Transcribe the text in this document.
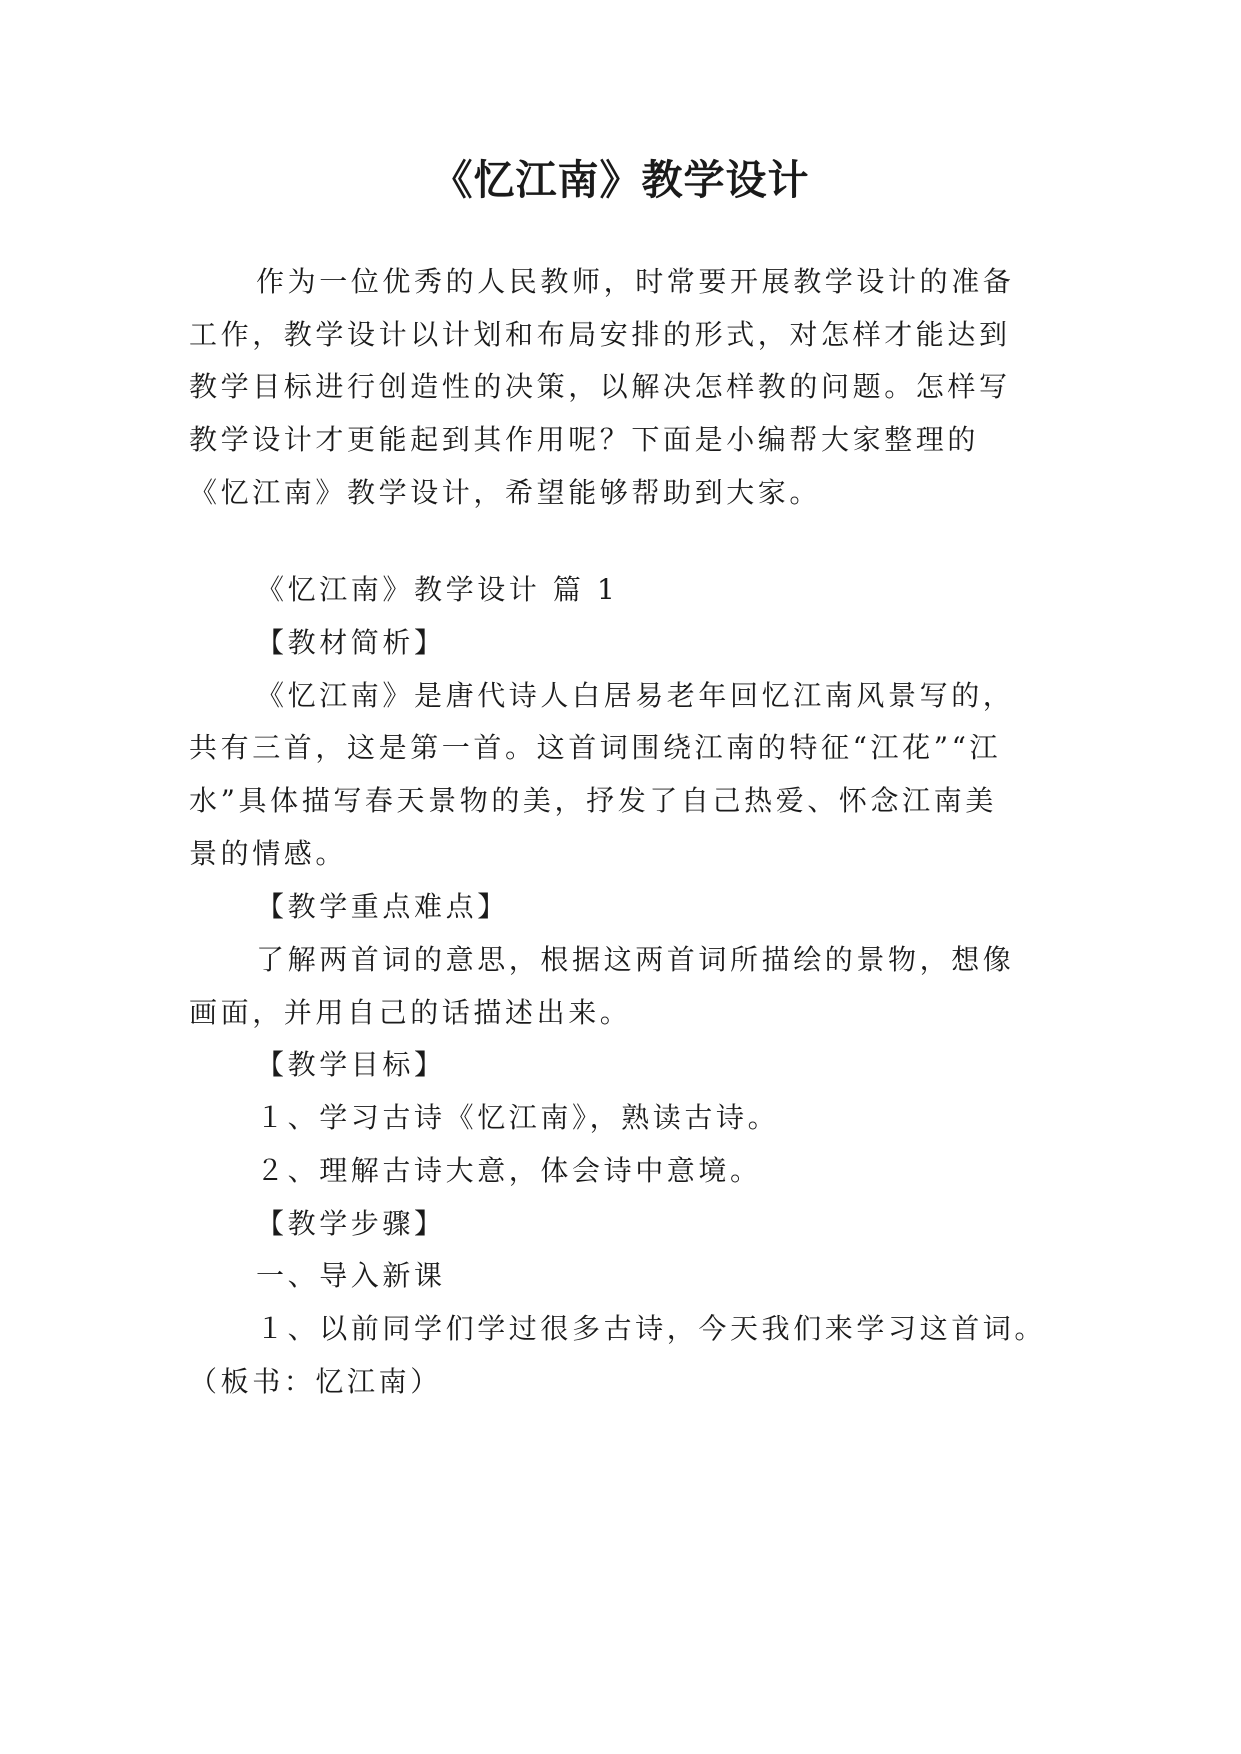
《忆江南》教学设计
作为一位优秀的人民教师，时常要开展教学设计的准备
工作，教学设计以计划和布局安排的形式，对怎样才能达到
教学目标进行创造性的决策，以解决怎样教的问题。怎样写
教学设计才更能起到其作用呢？下面是小编帮大家整理的
《忆江南》教学设计，希望能够帮助到大家。
《忆江南》教学设计 篇 1
【教材简析】
《忆江南》是唐代诗人白居易老年回忆江南风景写的，
共有三首，这是第一首。这首词围绕江南的特征“江花”“江
水”具体描写春天景物的美，抒发了自己热爱、怀念江南美
景的情感。
【教学重点难点】
了解两首词的意思，根据这两首词所描绘的景物，想像
画面，并用自己的话描述出来。
【教学目标】
１、学习古诗《忆江南》，熟读古诗。
２、理解古诗大意，体会诗中意境。
【教学步骤】
一、导入新课
１、以前同学们学过很多古诗，今天我们来学习这首词。
（板书：忆江南）
